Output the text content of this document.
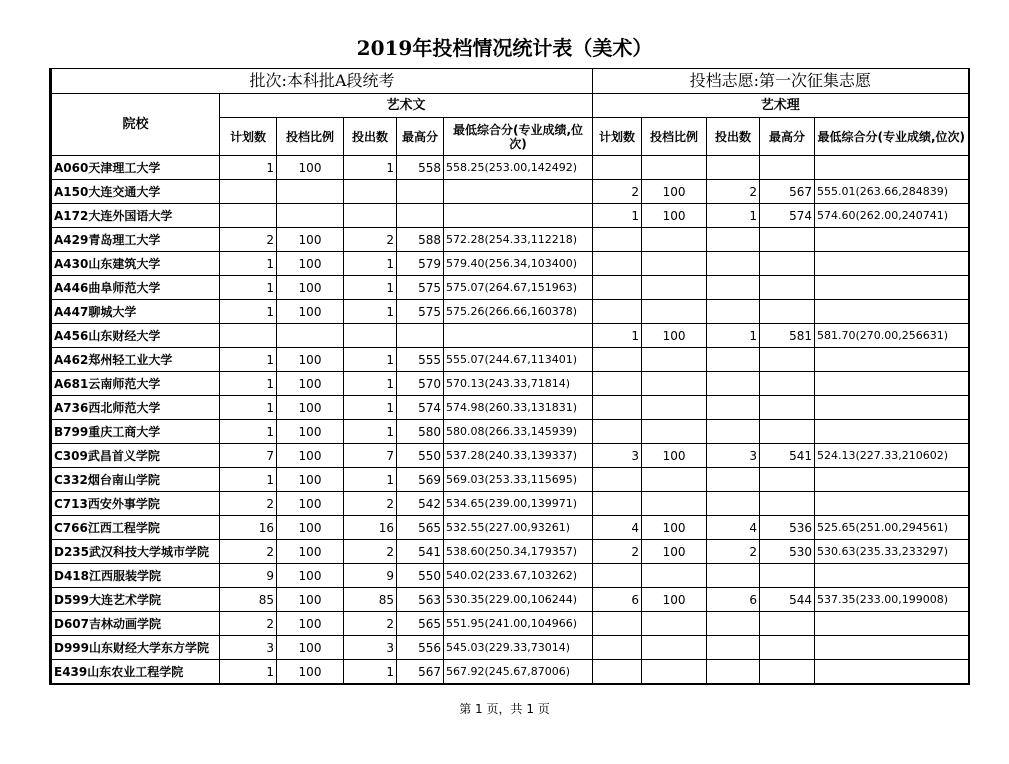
2019年投档情况统计表（美术）
批次:本科批A段统考						投档志愿:第一次征集志愿				
院校	艺术文					艺术理				
	计划数	投档比例	投出数	最高分	最低综合分(专业成绩,位次)	计划数	投档比例	投出数	最高分	最低综合分(专业成绩,位次)
A060天津理工大学	1	100	1	558	558.25(253.00,142492)					
A150大连交通大学						2	100	2	567	555.01(263.66,284839)
A172大连外国语大学						1	100	1	574	574.60(262.00,240741)
A429青岛理工大学	2	100	2	588	572.28(254.33,112218)					
A430山东建筑大学	1	100	1	579	579.40(256.34,103400)					
A446曲阜师范大学	1	100	1	575	575.07(264.67,151963)					
A447聊城大学	1	100	1	575	575.26(266.66,160378)					
A456山东财经大学						1	100	1	581	581.70(270.00,256631)
A462郑州轻工业大学	1	100	1	555	555.07(244.67,113401)					
A681云南师范大学	1	100	1	570	570.13(243.33,71814)					
A736西北师范大学	1	100	1	574	574.98(260.33,131831)					
B799重庆工商大学	1	100	1	580	580.08(266.33,145939)					
C309武昌首义学院	7	100	7	550	537.28(240.33,139337)	3	100	3	541	524.13(227.33,210602)
C332烟台南山学院	1	100	1	569	569.03(253.33,115695)					
C713西安外事学院	2	100	2	542	534.65(239.00,139971)					
C766江西工程学院	16	100	16	565	532.55(227.00,93261)	4	100	4	536	525.65(251.00,294561)
D235武汉科技大学城市学院	2	100	2	541	538.60(250.34,179357)	2	100	2	530	530.63(235.33,233297)
D418江西服装学院	9	100	9	550	540.02(233.67,103262)					
D599大连艺术学院	85	100	85	563	530.35(229.00,106244)	6	100	6	544	537.35(233.00,199008)
D607吉林动画学院	2	100	2	565	551.95(241.00,104966)					
D999山东财经大学东方学院	3	100	3	556	545.03(229.33,73014)					
E439山东农业工程学院	1	100	1	567	567.92(245.67,87006)					
第 1 页，共 1 页
